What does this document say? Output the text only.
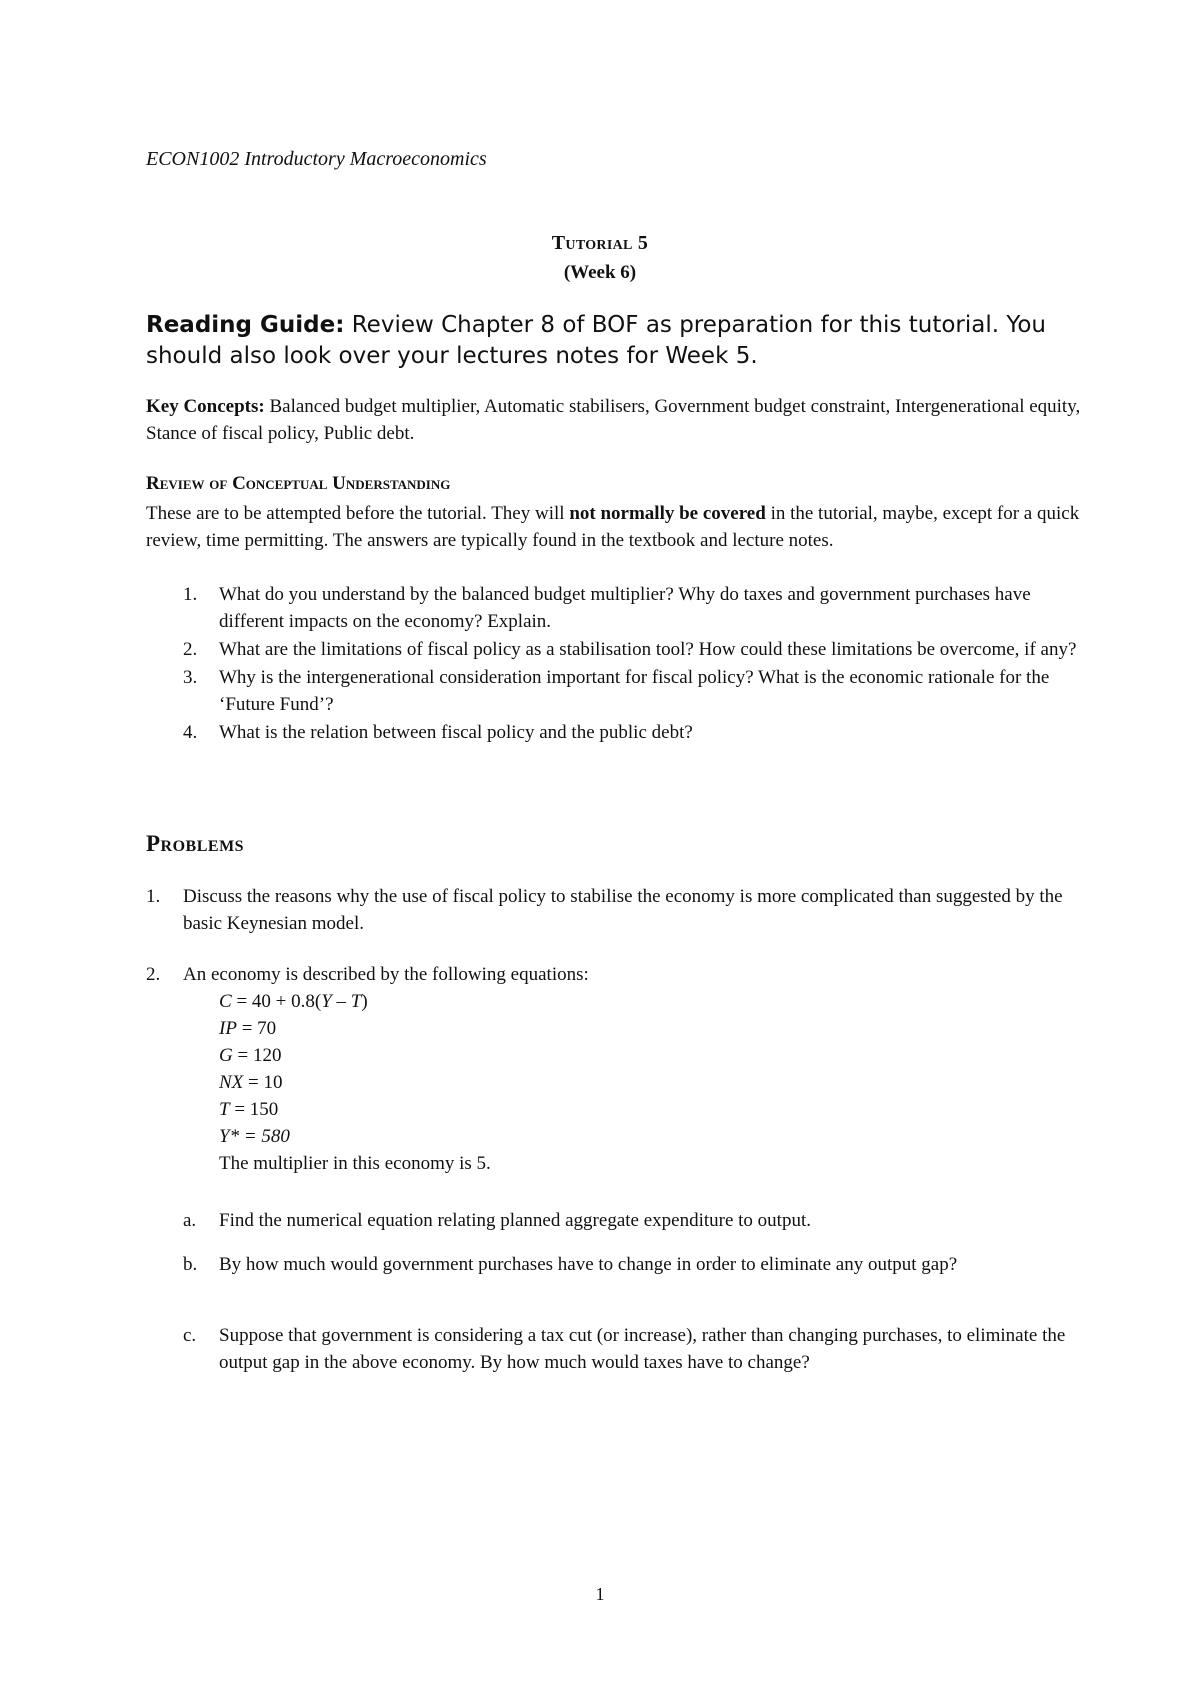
ECON1002 Introductory Macroeconomics
Tutorial 5
(Week 6)
Reading Guide: Review Chapter 8 of BOF as preparation for this tutorial. You should also look over your lectures notes for Week 5.
Key Concepts: Balanced budget multiplier, Automatic stabilisers, Government budget constraint, Intergenerational equity, Stance of fiscal policy, Public debt.
Review of Conceptual Understanding
These are to be attempted before the tutorial. They will not normally be covered in the tutorial, maybe, except for a quick review, time permitting. The answers are typically found in the textbook and lecture notes.
1. What do you understand by the balanced budget multiplier? Why do taxes and government purchases have different impacts on the economy? Explain.
2. What are the limitations of fiscal policy as a stabilisation tool? How could these limitations be overcome, if any?
3. Why is the intergenerational consideration important for fiscal policy? What is the economic rationale for the ‘Future Fund’?
4. What is the relation between fiscal policy and the public debt?
Problems
1. Discuss the reasons why the use of fiscal policy to stabilise the economy is more complicated than suggested by the basic Keynesian model.
2. An economy is described by the following equations:
C = 40 + 0.8(Y – T)
IP = 70
G = 120
NX = 10
T = 150
Y* = 580
The multiplier in this economy is 5.
a. Find the numerical equation relating planned aggregate expenditure to output.
b. By how much would government purchases have to change in order to eliminate any output gap?
c. Suppose that government is considering a tax cut (or increase), rather than changing purchases, to eliminate the output gap in the above economy. By how much would taxes have to change?
1
